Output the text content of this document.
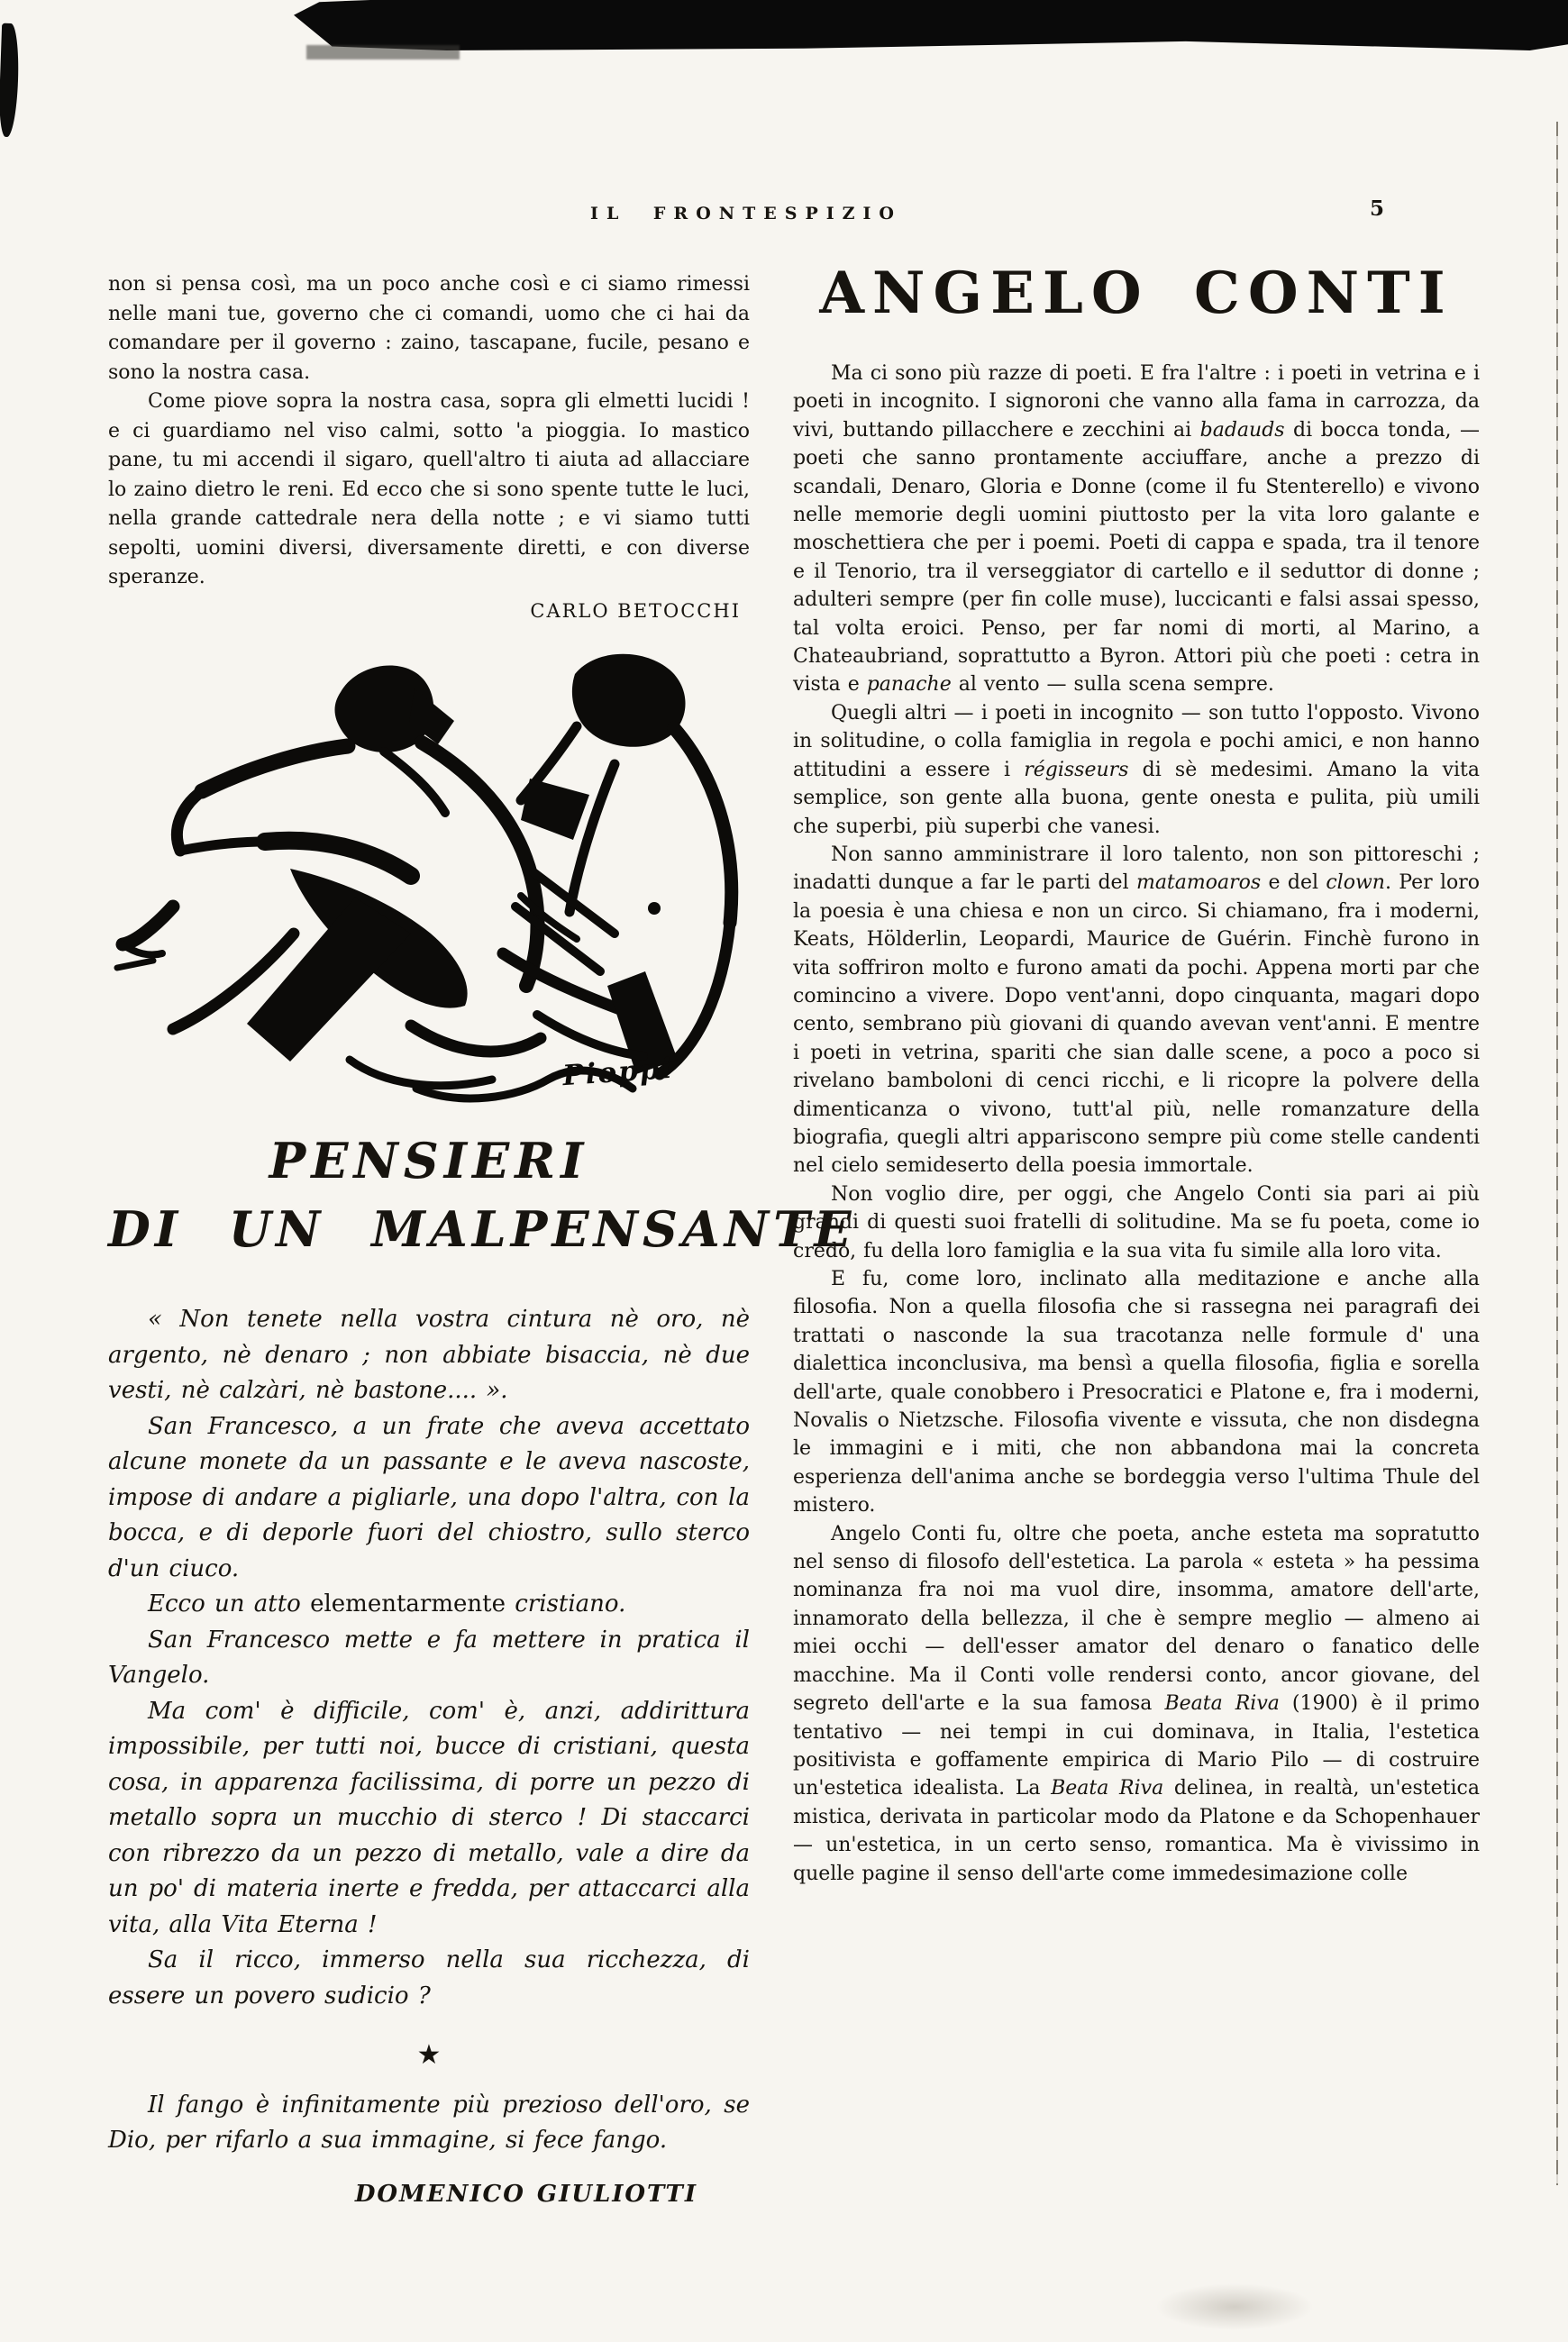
IL FRONTESPIZIO	5

non si pensa così, ma un poco anche così e ci siamo rimessi nelle mani tue, governo che ci comandi, uomo che ci hai da comandare per il governo : zaino, tascapane, fucile, pesano e sono la nostra casa.

Come piove sopra la nostra casa, sopra gli elmetti lucidi ! e ci guardiamo nel viso calmi, sotto 'a pioggia. Io mastico pane, tu mi accendi il sigaro, quell'altro ti aiuta ad allacciare lo zaino dietro le reni. Ed ecco che si sono spente tutte le luci, nella grande cattedrale nera della notte ; e vi siamo tutti sepolti, uomini diversi, diversamente diretti, e con diverse speranze.

CARLO BETOCCHI
Pioppi
PENSIERI
DI UN MALPENSANTE

« Non tenete nella vostra cintura nè oro, nè argento, nè denaro ; non abbiate bisaccia, nè due vesti, nè calzàri, nè bastone.... ».

San Francesco, a un frate che aveva accettato alcune monete da un passante e le aveva nascoste, impose di andare a pigliarle, una dopo l'altra, con la bocca, e di deporle fuori del chiostro, sullo sterco d'un ciuco.

Ecco un atto elementarmente cristiano.

San Francesco mette e fa mettere in pratica il Vangelo.

Ma com' è difficile, com' è, anzi, addirittura impossibile, per tutti noi, bucce di cristiani, questa cosa, in apparenza facilissima, di porre un pezzo di metallo sopra un mucchio di sterco ! Di staccarci con ribrezzo da un pezzo di metallo, vale a dire da un po' di materia inerte e fredda, per attaccarci alla vita, alla Vita Eterna !

Sa il ricco, immerso nella sua ricchezza, di essere un povero sudicio ?

★

Il fango è infinitamente più prezioso dell'oro, se Dio, per rifarlo a sua immagine, si fece fango.

DOMENICO GIULIOTTI
ANGELO CONTI

Ma ci sono più razze di poeti. E fra l'altre : i poeti in vetrina e i poeti in incognito. I signoroni che vanno alla fama in carrozza, da vivi, buttando pillacchere e zecchini ai badauds di bocca tonda, — poeti che sanno prontamente acciuffare, anche a prezzo di scandali, Denaro, Gloria e Donne (come il fu Stenterello) e vivono nelle memorie degli uomini piuttosto per la vita loro galante e moschettiera che per i poemi. Poeti di cappa e spada, tra il tenore e il Tenorio, tra il verseggiator di cartello e il seduttor di donne ; adulteri sempre (per fin colle muse), luccicanti e falsi assai spesso, tal volta eroici. Penso, per far nomi di morti, al Marino, a Chateaubriand, soprattutto a Byron. Attori più che poeti : cetra in vista e panache al vento — sulla scena sempre.

Quegli altri — i poeti in incognito — son tutto l'opposto. Vivono in solitudine, o colla famiglia in regola e pochi amici, e non hanno attitudini a essere i régisseurs di sè medesimi. Amano la vita semplice, son gente alla buona, gente onesta e pulita, più umili che superbi, più superbi che vanesi.

Non sanno amministrare il loro talento, non son pittoreschi ; inadatti dunque a far le parti del matamoaros e del clown. Per loro la poesia è una chiesa e non un circo. Si chiamano, fra i moderni, Keats, Hölderlin, Leopardi, Maurice de Guérin. Finchè furono in vita soffriron molto e furono amati da pochi. Appena morti par che comincino a vivere. Dopo vent'anni, dopo cinquanta, magari dopo cento, sembrano più giovani di quando avevan vent'anni. E mentre i poeti in vetrina, spariti che sian dalle scene, a poco a poco si rivelano bamboloni di cenci ricchi, e li ricopre la polvere della dimenticanza o vivono, tutt'al più, nelle romanzature della biografia, quegli altri appariscono sempre più come stelle candenti nel cielo semideserto della poesia immortale.

Non voglio dire, per oggi, che Angelo Conti sia pari ai più grandi di questi suoi fratelli di solitudine. Ma se fu poeta, come io credo, fu della loro famiglia e la sua vita fu simile alla loro vita.

E fu, come loro, inclinato alla meditazione e anche alla filosofia. Non a quella filosofia che si rassegna nei paragrafi dei trattati o nasconde la sua tracotanza nelle formule d' una dialettica inconclusiva, ma bensì a quella filosofia, figlia e sorella dell'arte, quale conobbero i Presocratici e Platone e, fra i moderni, Novalis o Nietzsche. Filosofia vivente e vissuta, che non disdegna le immagini e i miti, che non abbandona mai la concreta esperienza dell'anima anche se bordeggia verso l'ultima Thule del mistero.

Angelo Conti fu, oltre che poeta, anche esteta ma sopratutto nel senso di filosofo dell'estetica. La parola « esteta » ha pessima nominanza fra noi ma vuol dire, insomma, amatore dell'arte, innamorato della bellezza, il che è sempre meglio — almeno ai miei occhi — dell'esser amator del denaro o fanatico delle macchine. Ma il Conti volle rendersi conto, ancor giovane, del segreto dell'arte e la sua famosa Beata Riva (1900) è il primo tentativo — nei tempi in cui dominava, in Italia, l'estetica positivista e goffamente empirica di Mario Pilo — di costruire un'estetica idealista. La Beata Riva delinea, in realtà, un'estetica mistica, derivata in particolar modo da Platone e da Schopenhauer — un'estetica, in un certo senso, romantica. Ma è vivissimo in quelle pagine il senso dell'arte come immedesimazione colle
